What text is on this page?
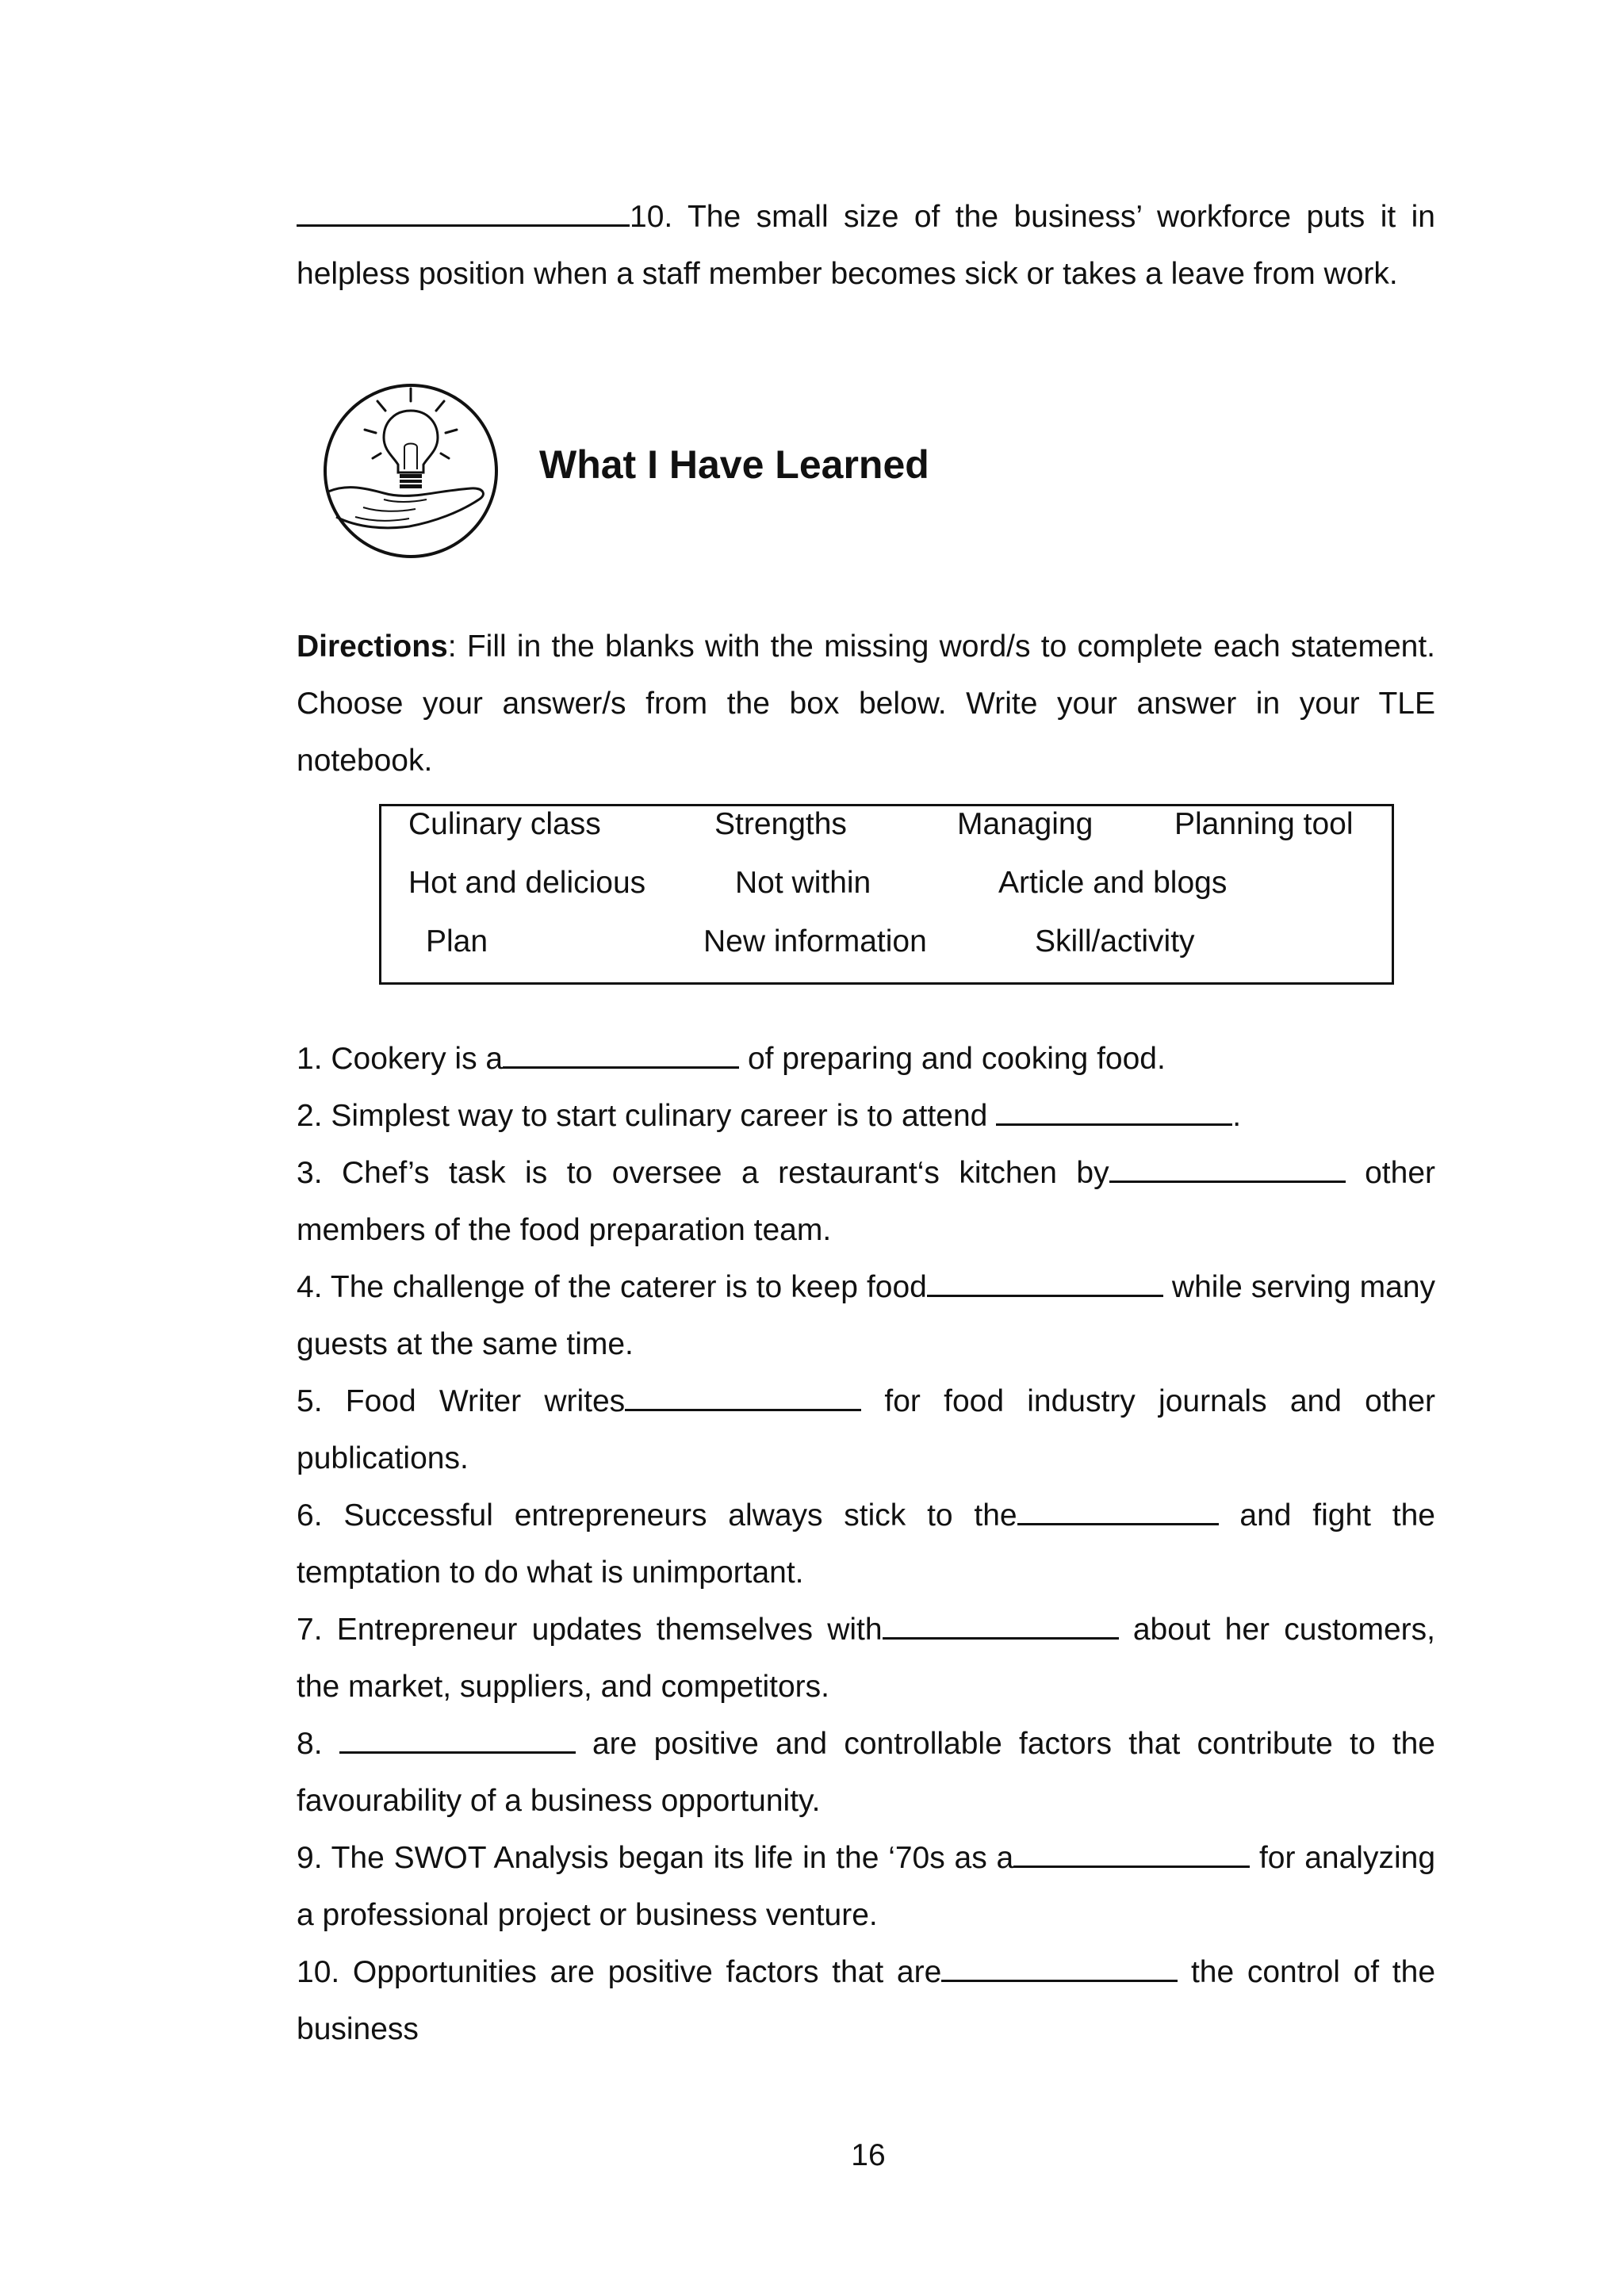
10. The small size of the business’ workforce puts it in helpless position when a staff member becomes sick or takes a leave from work.
What I Have Learned
Directions: Fill in the blanks with the missing word/s to complete each statement. Choose your answer/s from the box below. Write your answer in your TLE notebook.
Culinary class	Strengths	Managing	Planning tool
Hot and delicious	Not within	Article and blogs
Plan	New information	Skill/activity

1. Cookery is a	of preparing and cooking food.

2. Simplest way to start culinary career is to attend	.

3. Chef’s task is to oversee a restaurant‘s kitchen by	other members of the food preparation team.

4. The challenge of the caterer is to keep food	while serving many guests at the same time.

5. Food Writer writes	for food industry journals and other publications.

6. Successful entrepreneurs always stick to the	and fight the temptation to do what is unimportant.

7. Entrepreneur updates themselves with	about her customers, the market, suppliers, and competitors.

8.	are positive and controllable factors that contribute to the favourability of a business opportunity.

9. The SWOT Analysis began its life in the ‘70s as a	for analyzing a professional project or business venture.

10. Opportunities are positive factors that are	the control of the business

16
